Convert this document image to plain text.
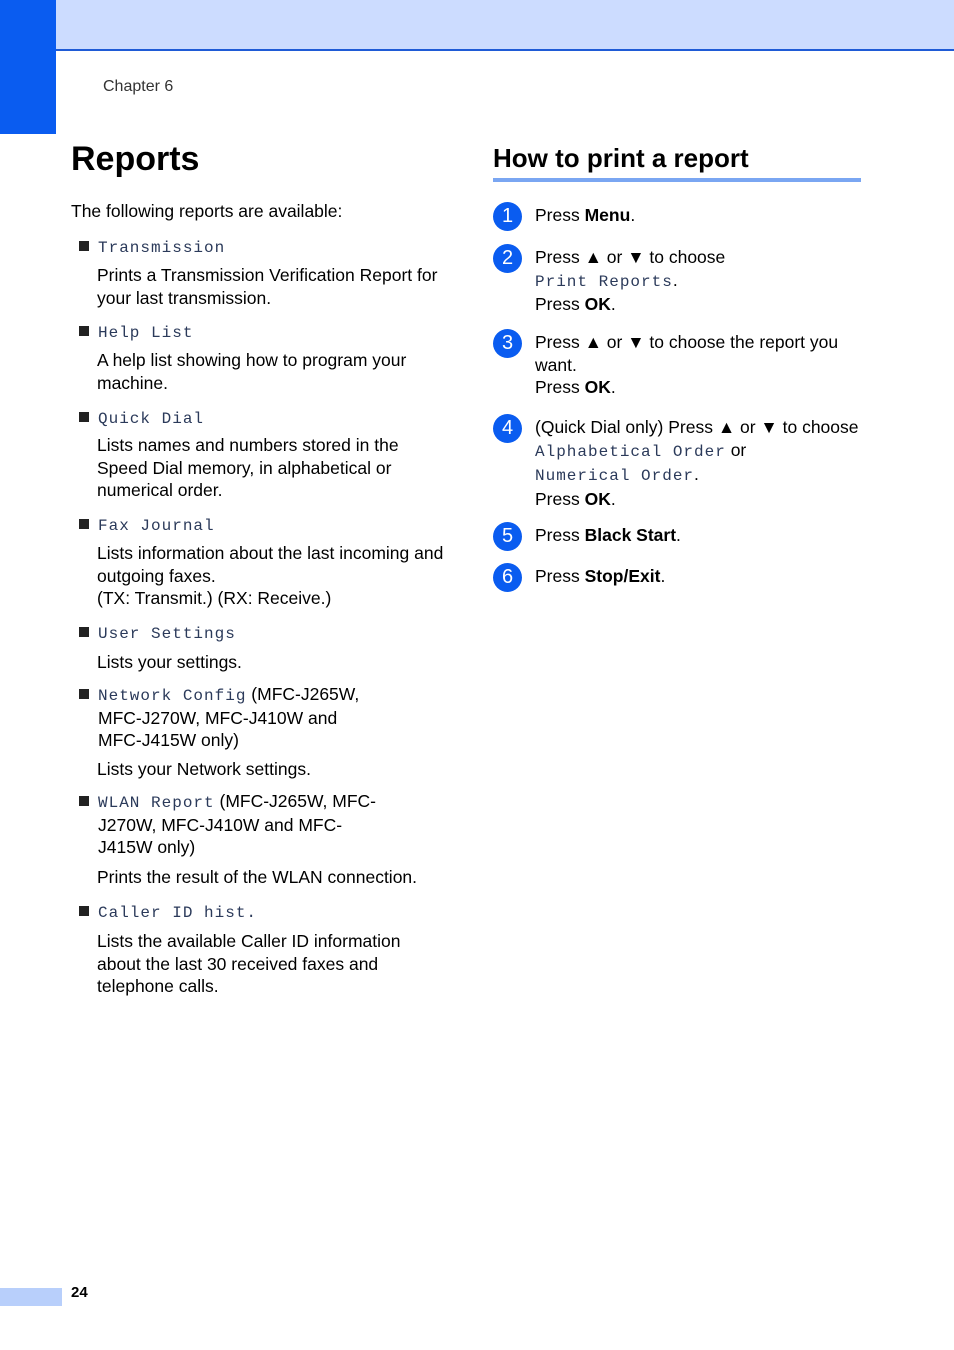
Chapter 6
Reports
The following reports are available:
Transmission
Prints a Transmission Verification Report for your last transmission.
Help List
A help list showing how to program your machine.
Quick Dial
Lists names and numbers stored in the Speed Dial memory, in alphabetical or numerical order.
Fax Journal
Lists information about the last incoming and outgoing faxes.
(TX: Transmit.) (RX: Receive.)
User Settings
Lists your settings.
Network Config (MFC-J265W, MFC-J270W, MFC-J410W and MFC-J415W only)
Lists your Network settings.
WLAN Report (MFC-J265W, MFC-J270W, MFC-J410W and MFC-J415W only)
Prints the result of the WLAN connection.
Caller ID hist.
Lists the available Caller ID information about the last 30 received faxes and telephone calls.
How to print a report
1	Press Menu.
2	Press ▲ or ▼ to choose
Print Reports.
Press OK.
3	Press ▲ or ▼ to choose the report you want.
Press OK.
4	(Quick Dial only) Press ▲ or ▼ to choose
Alphabetical Order or
Numerical Order.
Press OK.
5	Press Black Start.
6	Press Stop/Exit.
24
